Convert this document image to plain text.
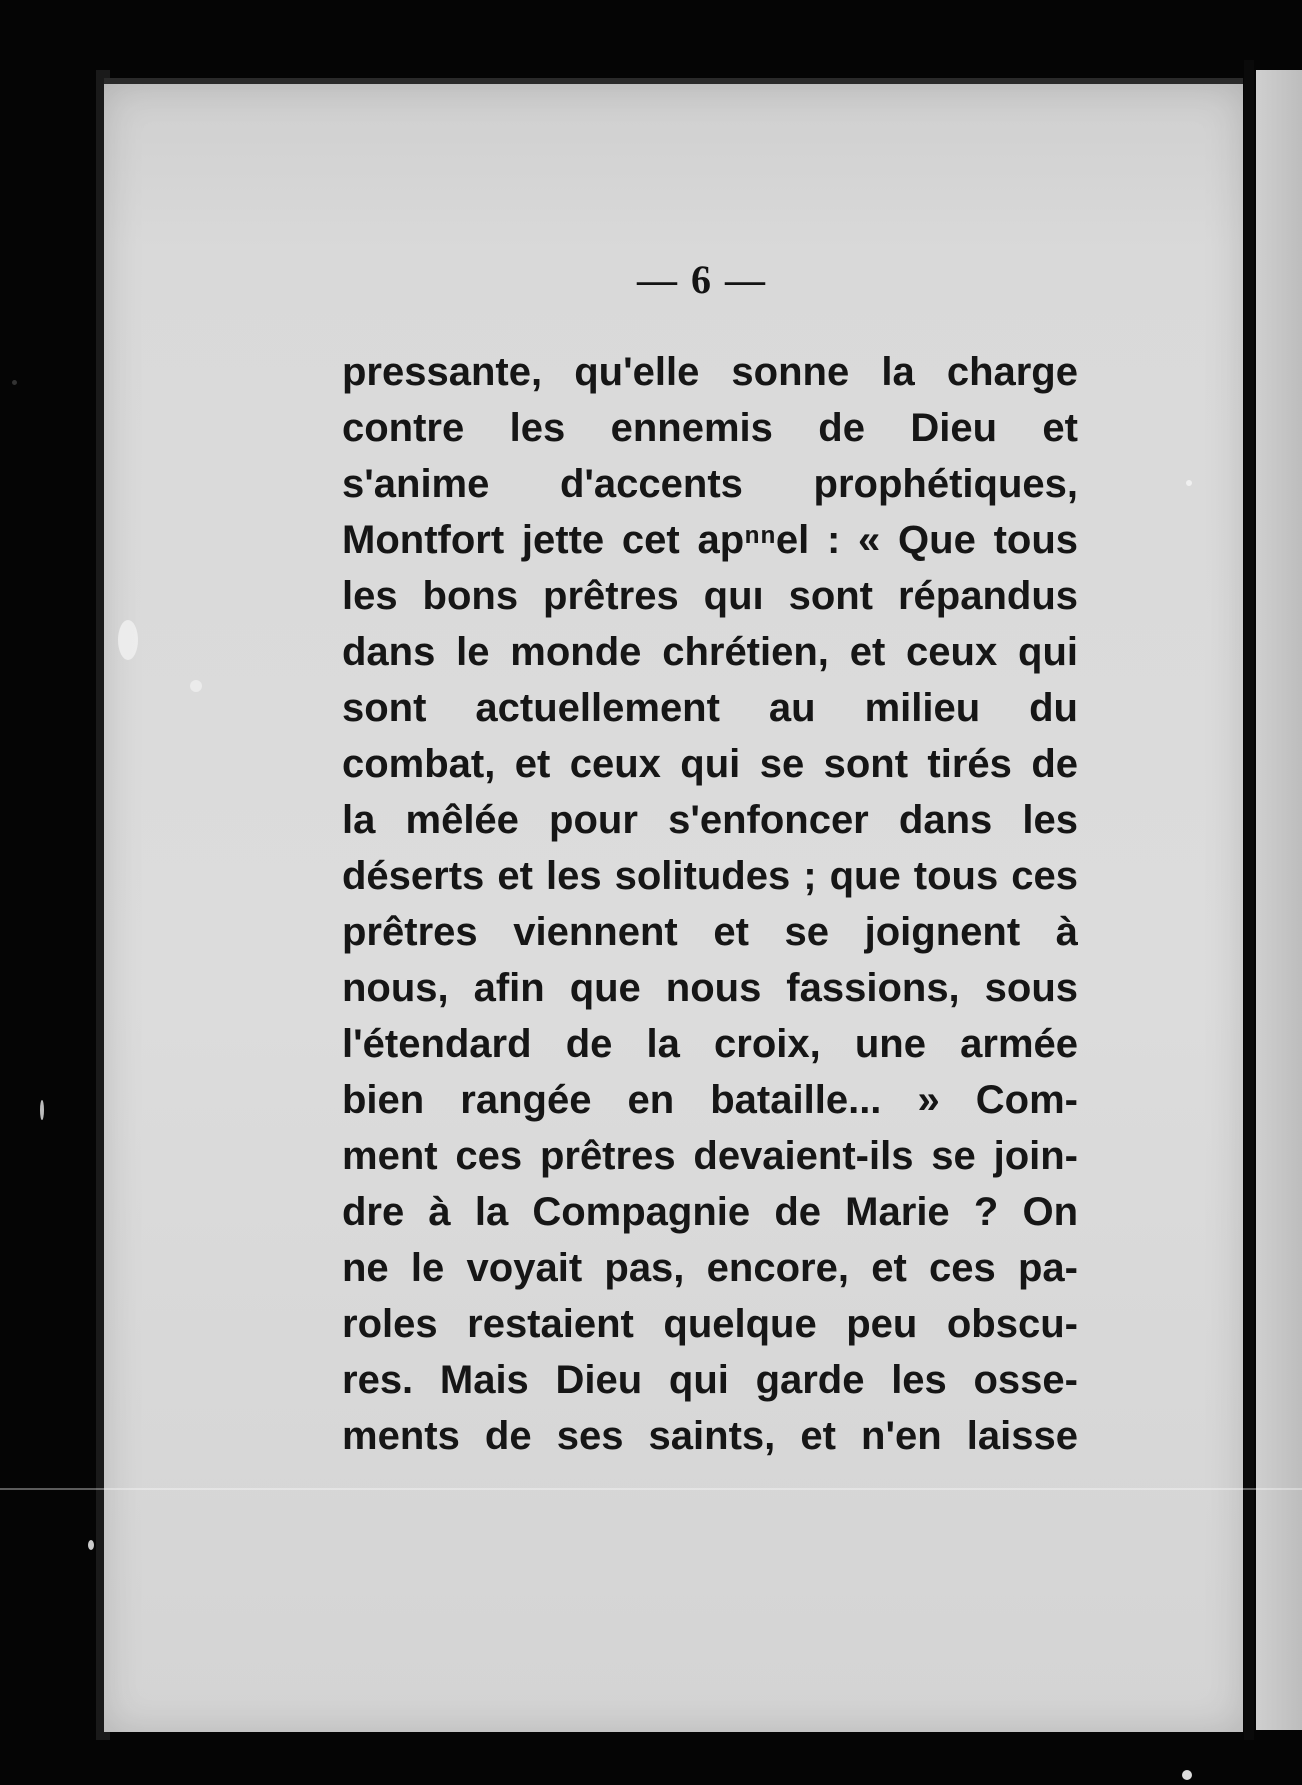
— 6 —
pressante, qu'elle sonne la charge
contre les ennemis de Dieu et
s'anime d'accents prophétiques,
Montfort jette cet apⁿⁿel : « Que tous
les bons prêtres quı sont répandus
dans le monde chrétien, et ceux qui
sont actuellement au milieu du
combat, et ceux qui se sont tirés de
la mêlée pour s'enfoncer dans les
déserts et les solitudes ; que tous ces
prêtres viennent et se joignent à
nous, afin que nous fassions, sous
l'étendard de la croix, une armée
bien rangée en bataille... » Com-
ment ces prêtres devaient-ils se join-
dre à la Compagnie de Marie ? On
ne le voyait pas, encore, et ces pa-
roles restaient quelque peu obscu-
res. Mais Dieu qui garde les osse-
ments de ses saints, et n'en laisse
